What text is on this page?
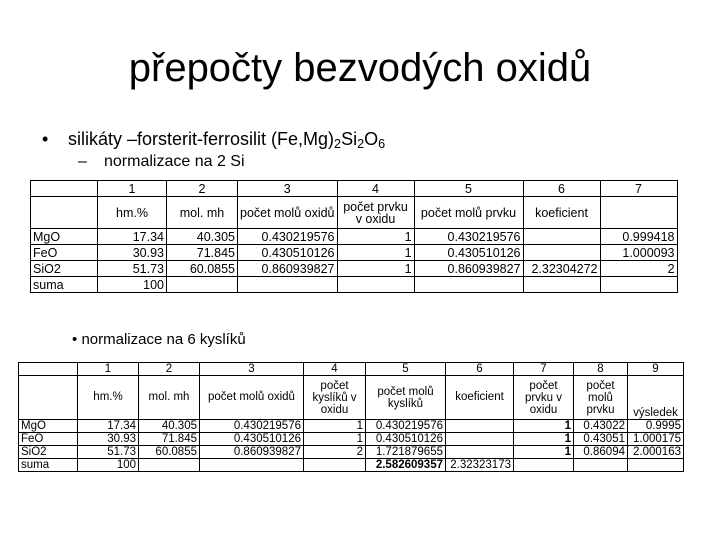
přepočty bezvodých oxidů
• silikáty –forsterit-ferrosilit $(Fe,Mg)_2Si_2O_6$
– normalizace na 2 Si
	1	2	3	4	5	6	7
	hm.%	mol. mh	počet molů oxidů	počet prvku v oxidu	počet molů prvku	koeficient	
MgO	17.34	40.305	0.430219576	1	0.430219576		0.999418
FeO	30.93	71.845	0.430510126	1	0.430510126		1.000093
SiO2	51.73	60.0855	0.860939827	1	0.860939827	2.32304272	2
suma	100						
• normalizace na 6 kyslíků
	1	2	3	4	5	6	7	8	9
	hm.%	mol. mh	počet molů oxidů	počet kyslíků v oxidu	počet molů kyslíků	koeficient	počet prvku v oxidu	počet molů prvku	výsledek
MgO	17.34	40.305	0.430219576	1	0.430219576		1	0.43022	0.9995
FeO	30.93	71.845	0.430510126	1	0.430510126		1	0.43051	1.000175
SiO2	51.73	60.0855	0.860939827	2	1.721879655		1	0.86094	2.000163
suma	100				2.582609357	2.32323173			
